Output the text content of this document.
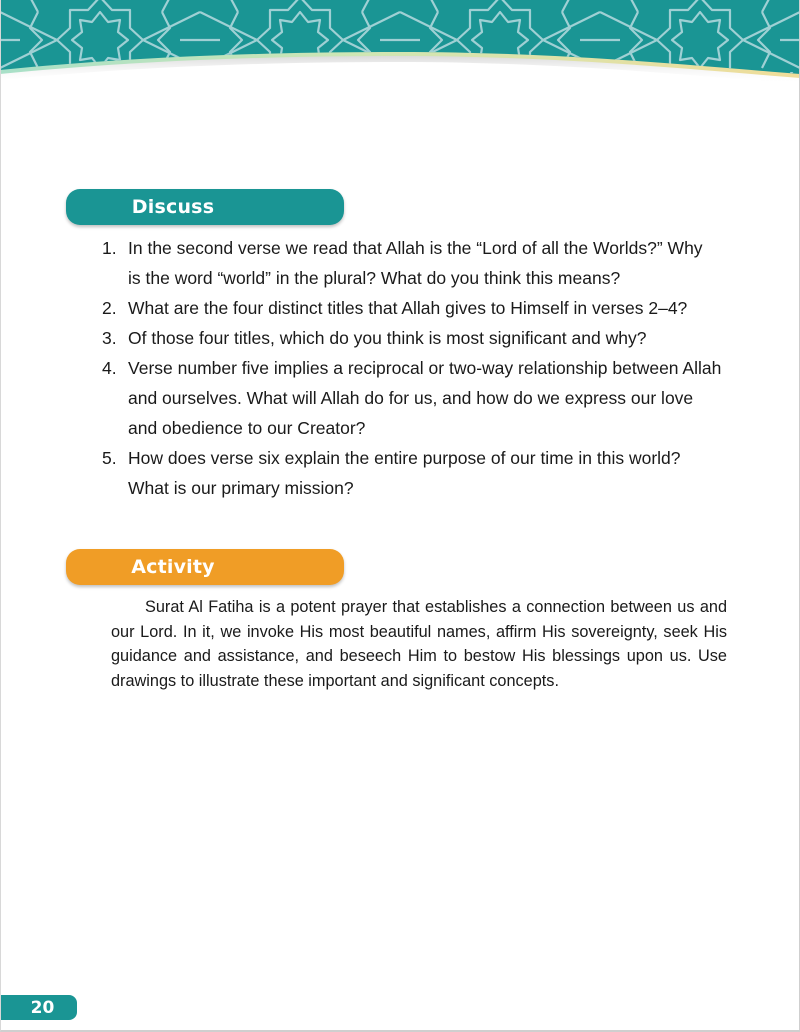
Discuss
1. In the second verse we read that Allah is the “Lord of all the Worlds?” Why
is the word “world” in the plural? What do you think this means?
2. What are the four distinct titles that Allah gives to Himself in verses 2–4?
3. Of those four titles, which do you think is most significant and why?
4. Verse number five implies a reciprocal or two-way relationship between Allah
and ourselves. What will Allah do for us, and how do we express our love
and obedience to our Creator?
5. How does verse six explain the entire purpose of our time in this world?
What is our primary mission?
Activity

Surat Al Fatiha is a potent prayer that establishes a connection between us and our Lord. In it, we invoke His most beautiful names, affirm His sovereignty, seek His guidance and assistance, and beseech Him to bestow His blessings upon us. Use drawings to illustrate these important and significant concepts.

20
